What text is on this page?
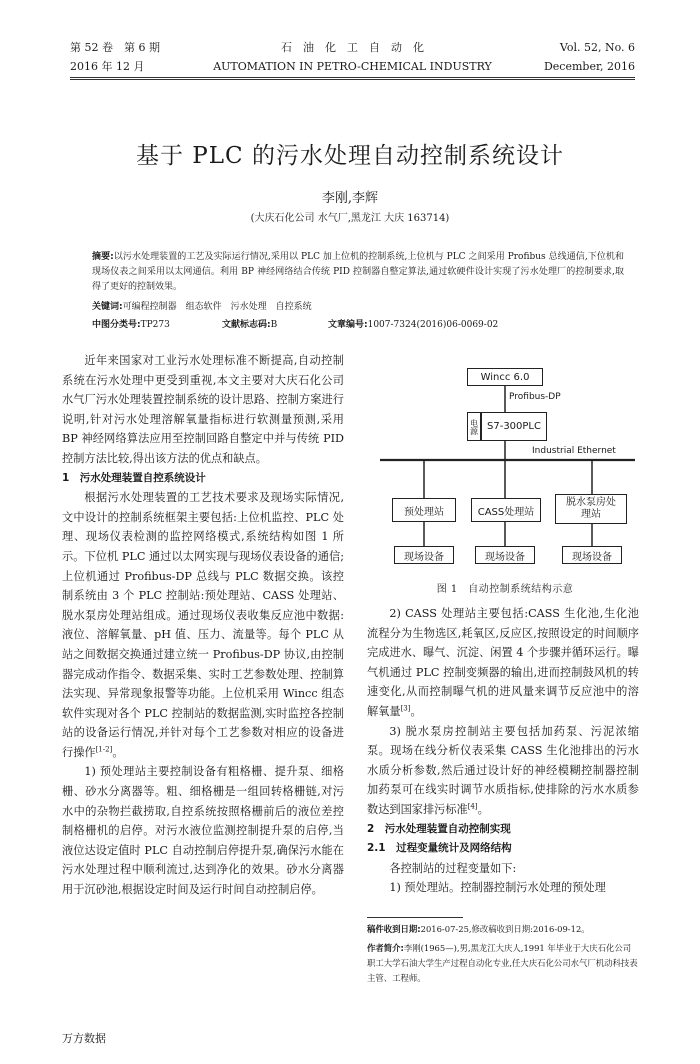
第 52 卷　第 6 期	石　油　化　工　自　动　化	Vol. 52, No. 6
2016 年 12 月	AUTOMATION IN PETRO-CHEMICAL INDUSTRY	December, 2016
基于 PLC 的污水处理自动控制系统设计
李刚,李辉
(大庆石化公司 水气厂,黑龙江 大庆 163714)
摘要:以污水处理装置的工艺及实际运行情况,采用以 PLC 加上位机的控制系统,上位机与 PLC 之间采用 Profibus 总线通信,下位机和现场仪表之间采用以太网通信。利用 BP 神经网络结合传统 PID 控制器自整定算法,通过软硬件设计实现了污水处理厂的控制要求,取得了更好的控制效果。
关键词:可编程控制器　组态软件　污水处理　自控系统
中图分类号:TP273	文献标志码:B	文章编号:1007-7324(2016)06-0069-02

近年来国家对工业污水处理标准不断提高,自动控制系统在污水处理中更受到重视,本文主要对大庆石化公司水气厂污水处理装置控制系统的设计思路、控制方案进行说明,针对污水处理溶解氧量指标进行软测量预测,采用 BP 神经网络算法应用至控制回路自整定中并与传统 PID 控制方法比较,得出该方法的优点和缺点。

1　污水处理装置自控系统设计

根据污水处理装置的工艺技术要求及现场实际情况,文中设计的控制系统框架主要包括:上位机监控、PLC 处理、现场仪表检测的监控网络模式,系统结构如图 1 所示。下位机 PLC 通过以太网实现与现场仪表设备的通信;上位机通过 Profibus-DP 总线与 PLC 数据交换。该控制系统由 3 个 PLC 控制站:预处理站、CASS 处理站、脱水泵房处理站组成。通过现场仪表收集反应池中数据:液位、溶解氧量、pH 值、压力、流量等。每个 PLC 从站之间数据交换通过建立统一 Profibus-DP 协议,由控制器完成动作指令、数据采集、实时工艺参数处理、控制算法实现、异常现象报警等功能。上位机采用 Wincc 组态软件实现对各个 PLC 控制站的数据监测,实时监控各控制站的设备运行情况,并针对每个工艺参数对相应的设备进行操作[1-2]。

1) 预处理站主要控制设备有粗格栅、提升泵、细格栅、砂水分离器等。粗、细格栅是一组回转格栅链,对污水中的杂物拦截捞取,自控系统按照格栅前后的液位差控制格栅机的启停。对污水液位监测控制提升泵的启停,当液位达设定值时 PLC 自动控制启停提升泵,确保污水能在污水处理过程中顺利流过,达到净化的效果。砂水分离器用于沉砂池,根据设定时间及运行时间自动控制启停。

Wincc 6.0
Profibus-DP
电源 S7-300PLC
Industrial Ethernet
预处理站	CASS处理站
脱水泵房处理站
现场设备	现场设备	现场设备
图 1　自动控制系统结构示意

2) CASS 处理站主要包括:CASS 生化池,生化池流程分为生物选区,耗氧区,反应区,按照设定的时间顺序完成进水、曝气、沉淀、闲置 4 个步骤并循环运行。曝气机通过 PLC 控制变频器的输出,进而控制鼓风机的转速变化,从而控制曝气机的进风量来调节反应池中的溶解氧量[3]。

3) 脱水泵房控制站主要包括加药泵、污泥浓缩泵。现场在线分析仪表采集 CASS 生化池排出的污水水质分析参数,然后通过设计好的神经模糊控制器控制加药泵可在线实时调节水质指标,使排除的污水水质参数达到国家排污标准[4]。

2　污水处理装置自动控制实现
2.1　过程变量统计及网络结构

各控制站的过程变量如下:

1) 预处理站。控制器控制污水处理的预处理

稿件收到日期:2016-07-25,修改稿收到日期:2016-09-12。
作者简介:李刚(1965—),男,黑龙江大庆人,1991 年毕业于大庆石化公司职工大学石油大学生产过程自动化专业,任大庆石化公司水气厂机动科技表主管、工程师。
万方数据
